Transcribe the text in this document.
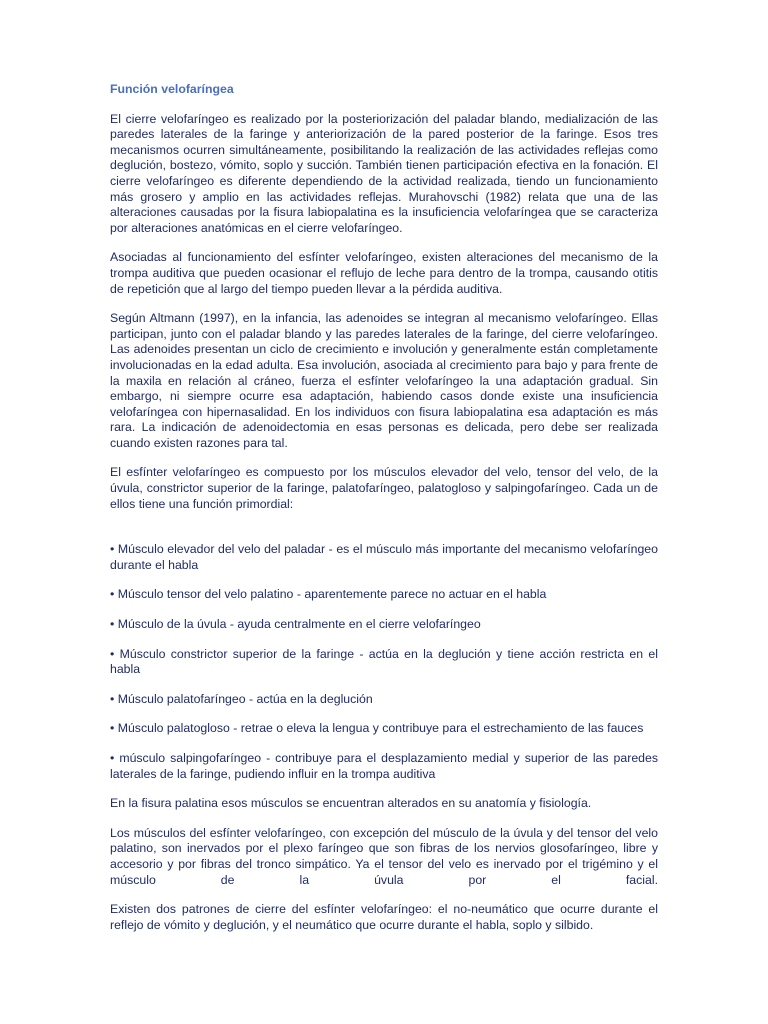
Función velofaríngea

El cierre velofaríngeo es realizado por la posteriorización del paladar blando, medialización de las paredes laterales de la faringe y anteriorización de la pared posterior de la faringe. Esos tres mecanismos ocurren simultáneamente, posibilitando la realización de las actividades reflejas como deglución, bostezo, vómito, soplo y succión. También tienen participación efectiva en la fonación. El cierre velofaríngeo es diferente dependiendo de la actividad realizada, tiendo un funcionamiento más grosero y amplio en las actividades reflejas. Murahovschi (1982) relata que una de las alteraciones causadas por la fisura labiopalatina es la insuficiencia velofaríngea que se caracteriza por alteraciones anatómicas en el cierre velofaríngeo.

Asociadas al funcionamiento del esfínter velofaríngeo, existen alteraciones del mecanismo de la trompa auditiva que pueden ocasionar el reflujo de leche para dentro de la trompa, causando otitis de repetición que al largo del tiempo pueden llevar a la pérdida auditiva.

Según Altmann (1997), en la infancia, las adenoides se integran al mecanismo velofaríngeo. Ellas participan, junto con el paladar blando y las paredes laterales de la faringe, del cierre velofaríngeo. Las adenoides presentan un ciclo de crecimiento e involución y generalmente están completamente involucionadas en la edad adulta. Esa involución, asociada al crecimiento para bajo y para frente de la maxila en relación al cráneo, fuerza el esfínter velofaríngeo la una adaptación gradual. Sin embargo, ni siempre ocurre esa adaptación, habiendo casos donde existe una insuficiencia velofaríngea con hipernasalidad. En los individuos con fisura labiopalatina esa adaptación es más rara. La indicación de adenoidectomia en esas personas es delicada, pero debe ser realizada cuando existen razones para tal.

El esfínter velofaríngeo es compuesto por los músculos elevador del velo, tensor del velo, de la úvula, constrictor superior de la faringe, palatofaríngeo, palatogloso y salpingofaríngeo. Cada un de ellos tiene una función primordial:

• Músculo elevador del velo del paladar - es el músculo más importante del mecanismo velofaríngeo durante el habla

• Músculo tensor del velo palatino - aparentemente parece no actuar en el habla

• Músculo de la úvula - ayuda centralmente en el cierre velofaríngeo

• Músculo constrictor superior de la faringe - actúa en la deglución y tiene acción restricta en el habla

• Músculo palatofaríngeo - actúa en la deglución

• Músculo palatogloso - retrae o eleva la lengua y contribuye para el estrechamiento de las fauces

• músculo salpingofaríngeo - contribuye para el desplazamiento medial y superior de las paredes laterales de la faringe, pudiendo influir en la trompa auditiva

En la fisura palatina esos músculos se encuentran alterados en su anatomía y fisiología.

Los músculos del esfínter velofaríngeo, con excepción del músculo de la úvula y del tensor del velo palatino, son inervados por el plexo faríngeo que son fibras de los nervios glosofaríngeo, libre y accesorio y por fibras del tronco simpático. Ya el tensor del velo es inervado por el trigémino y el músculo de la úvula por el facial.

Existen dos patrones de cierre del esfínter velofaríngeo: el no-neumático que ocurre durante el reflejo de vómito y deglución, y el neumático que ocurre durante el habla, soplo y silbido.
